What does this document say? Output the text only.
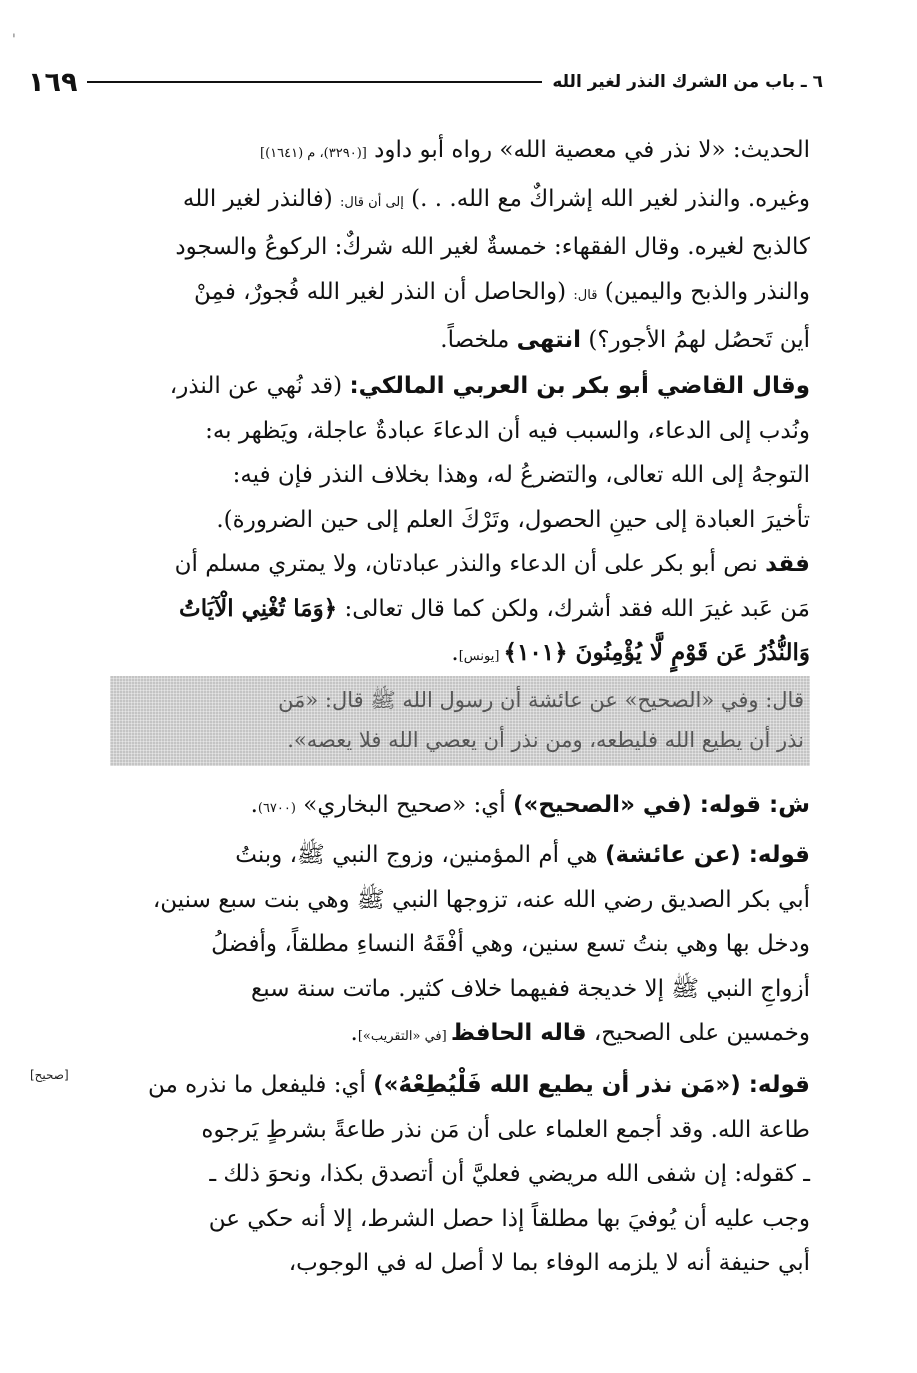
'
٦ ـ باب من الشرك النذر لغير الله
١٦٩

الحديث: «لا نذر في معصية الله» رواه أبو داود [(٣٢٩٠)، م (١٦٤١)]

وغيره. والنذر لغير الله إشراكٌ مع الله. . .) إلى أن قال: (فالنذر لغير الله

كالذبح لغيره. وقال الفقهاء: خمسةٌ لغير الله شركٌ: الركوعُ والسجود

والنذر والذبح واليمين) قال: (والحاصل أن النذر لغير الله فُجورٌ، فمِنْ

أين تَحصُل لهمُ الأجور؟) انتهى ملخصاً.

وقال القاضي أبو بكر بن العربي المالكي: (قد نُهي عن النذر،

ونُدب إلى الدعاء، والسبب فيه أن الدعاءَ عبادةٌ عاجلة، ويَظهر به:

التوجهُ إلى الله تعالى، والتضرعُ له، وهذا بخلاف النذر فإن فيه:

تأخيرَ العبادة إلى حينِ الحصول، وتَرْكَ العلم إلى حين الضرورة).

فقد نص أبو بكر على أن الدعاء والنذر عبادتان، ولا يمتري مسلم أن

مَن عَبد غيرَ الله فقد أشرك، ولكن كما قال تعالى: ﴿وَمَا تُغْنِي الْآيَاتُ

وَالنُّذُرُ عَن قَوْمٍ لَّا يُؤْمِنُونَ ﴿١٠١﴾ [يونس].

قال: وفي «الصحيح» عن عائشة أن رسول الله ﷺ قال: «مَن

نذر أن يطيع الله فليطعه، ومن نذر أن يعصي الله فلا يعصه».

ش: قوله: (في «الصحيح») أي: «صحيح البخاري» (٦٧٠٠).

قوله: (عن عائشة) هي أم المؤمنين، وزوج النبي ﷺ، وبنتُ

أبي بكر الصديق رضي الله عنه، تزوجها النبي ﷺ وهي بنت سبع سنين،

ودخل بها وهي بنتُ تسع سنين، وهي أفْقَهُ النساءِ مطلقاً، وأفضلُ

أزواجِ النبي ﷺ إلا خديجة ففيهما خلاف كثير. ماتت سنة سبع

وخمسين على الصحيح، قاله الحافظ [في «التقريب»].

[صحيح]	قوله: («مَن نذر أن يطيع الله فَلْيُطِعْهُ») أي: فليفعل ما نذره من

طاعة الله. وقد أجمع العلماء على أن مَن نذر طاعةً بشرطٍ يَرجوه

ـ كقوله: إن شفى الله مريضي فعليَّ أن أتصدق بكذا، ونحوَ ذلك ـ

وجب عليه أن يُوفيَ بها مطلقاً إذا حصل الشرط، إلا أنه حكي عن

أبي حنيفة أنه لا يلزمه الوفاء بما لا أصل له في الوجوب،
